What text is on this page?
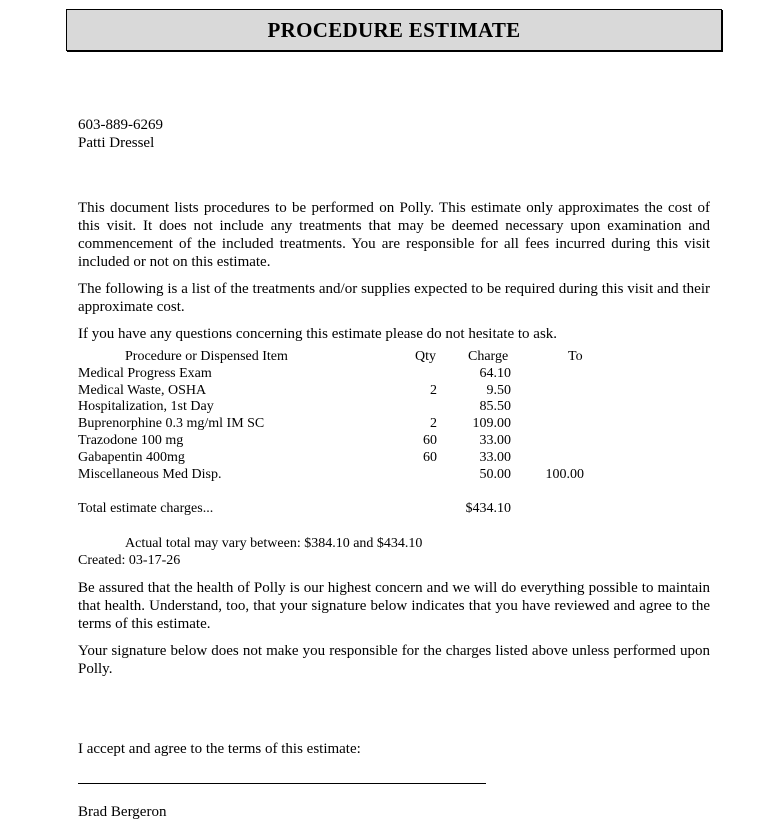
PROCEDURE ESTIMATE
603-889-6269
Patti Dressel
This document lists procedures to be performed on Polly. This estimate only approximates the cost of this visit. It does not include any treatments that may be deemed necessary upon examination and commencement of the included treatments. You are responsible for all fees incurred during this visit included or not on this estimate.
The following is a list of the treatments and/or supplies expected to be required during this visit and their approximate cost.
If you have any questions concerning this estimate please do not hesitate to ask.
Procedure or Dispensed Item	Qty Charge	To
Medical Progress Exam	64.10
Medical Waste, OSHA	2	9.50
Hospitalization, 1st Day	85.50
Buprenorphine 0.3 mg/ml IM SC	2	109.00
Trazodone 100 mg	60	33.00
Gabapentin 400mg	60	33.00
Miscellaneous Med Disp.	50.00	100.00
Total estimate charges...	$434.10
Actual total may vary between: $384.10 and $434.10
Created: 03-17-26
Be assured that the health of Polly is our highest concern and we will do everything possible to maintain that health. Understand, too, that your signature below indicates that you have reviewed and agree to the terms of this estimate.
Your signature below does not make you responsible for the charges listed above unless performed upon Polly.
I accept and agree to the terms of this estimate:
Brad Bergeron
